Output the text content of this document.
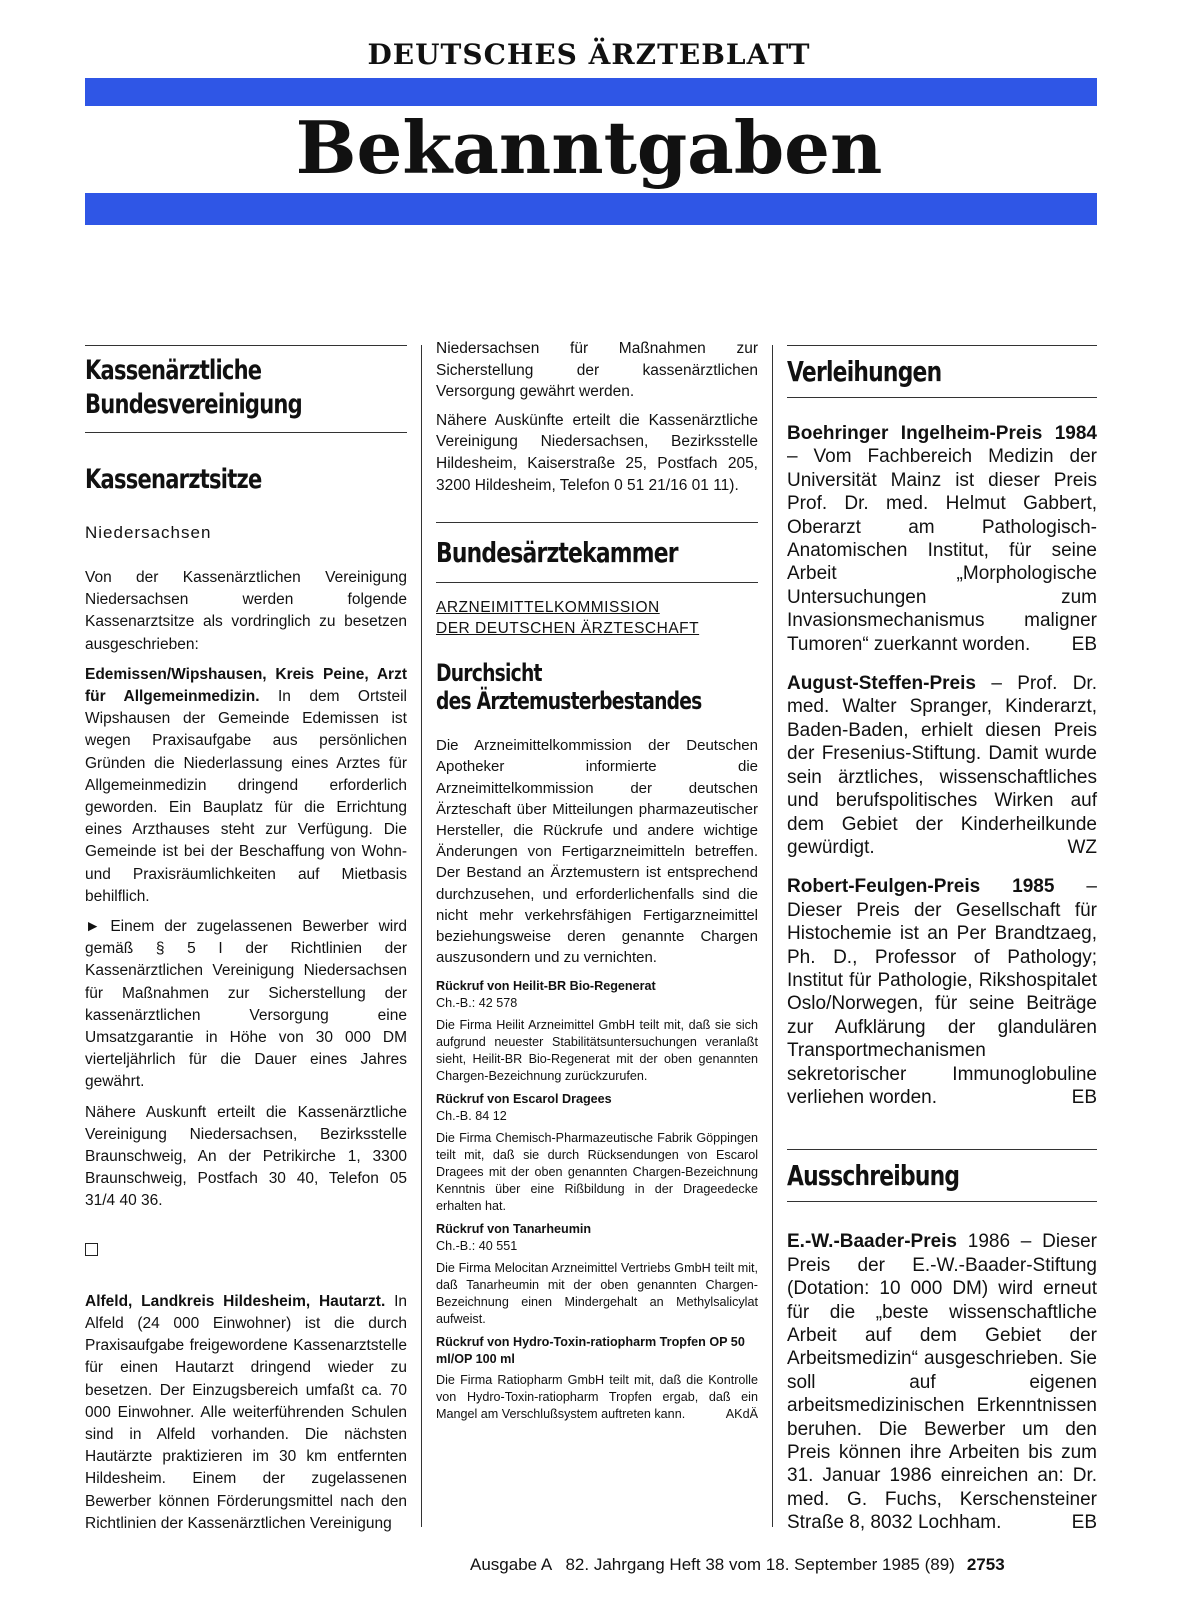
DEUTSCHES ÄRZTEBLATT
Bekanntgaben
Kassenärztliche
Bundesvereinigung
Kassenarztsitze

Niedersachsen

Von der Kassenärztlichen Vereinigung Niedersachsen werden folgende Kassenarztsitze als vordringlich zu besetzen ausgeschrieben:

Edemissen/Wipshausen, Kreis Peine, Arzt für Allgemeinmedizin. In dem Ortsteil Wipshausen der Gemeinde Edemissen ist wegen Praxisaufgabe aus persönlichen Gründen die Niederlassung eines Arztes für Allgemeinmedizin dringend erforderlich geworden. Ein Bauplatz für die Errichtung eines Arzthauses steht zur Verfügung. Die Gemeinde ist bei der Beschaffung von Wohn- und Praxisräumlichkeiten auf Mietbasis behilflich.

► Einem der zugelassenen Bewerber wird gemäß § 5 I der Richtlinien der Kassenärztlichen Vereinigung Niedersachsen für Maßnahmen zur Sicherstellung der kassenärztlichen Versorgung eine Umsatzgarantie in Höhe von 30 000 DM vierteljährlich für die Dauer eines Jahres gewährt.

Nähere Auskunft erteilt die Kassenärztliche Vereinigung Niedersachsen, Bezirksstelle Braunschweig, An der Petrikirche 1, 3300 Braunschweig, Postfach 30 40, Telefon 05 31/4 40 36.

Alfeld, Landkreis Hildesheim, Hautarzt. In Alfeld (24 000 Einwohner) ist die durch Praxisaufgabe freigewordene Kassenarztstelle für einen Hautarzt dringend wieder zu besetzen. Der Einzugsbereich umfaßt ca. 70 000 Einwohner. Alle weiterführenden Schulen sind in Alfeld vorhanden. Die nächsten Hautärzte praktizieren im 30 km entfernten Hildesheim. Einem der zugelassenen Bewerber können Förderungsmittel nach den Richtlinien der Kassenärztlichen Vereinigung

Niedersachsen für Maßnahmen zur Sicherstellung der kassenärztlichen Versorgung gewährt werden.

Nähere Auskünfte erteilt die Kassenärztliche Vereinigung Niedersachsen, Bezirksstelle Hildesheim, Kaiserstraße 25, Postfach 205, 3200 Hildesheim, Telefon 0 51 21/16 01 11).

Bundesärztekammer
ARZNEIMITTELKOMMISSION
DER DEUTSCHEN ÄRZTESCHAFT
Durchsicht
des Ärztemusterbestandes

Die Arzneimittelkommission der Deutschen Apotheker informierte die Arzneimittelkommission der deutschen Ärzteschaft über Mitteilungen pharmazeutischer Hersteller, die Rückrufe und andere wichtige Änderungen von Fertigarzneimitteln betreffen. Der Bestand an Ärztemustern ist entsprechend durchzusehen, und erforderlichenfalls sind die nicht mehr verkehrsfähigen Fertigarzneimittel beziehungsweise deren genannte Chargen auszusondern und zu vernichten.

Rückruf von Heilit-BR Bio-Regenerat
Ch.-B.: 42 578

Die Firma Heilit Arzneimittel GmbH teilt mit, daß sie sich aufgrund neuester Stabilitätsuntersuchungen veranlaßt sieht, Heilit-BR Bio-Regenerat mit der oben genannten Chargen-Bezeichnung zurückzurufen.

Rückruf von Escarol Dragees
Ch.-B. 84 12

Die Firma Chemisch-Pharmazeutische Fabrik Göppingen teilt mit, daß sie durch Rücksendungen von Escarol Dragees mit der oben genannten Chargen-Bezeichnung Kenntnis über eine Rißbildung in der Drageedecke erhalten hat.

Rückruf von Tanarheumin
Ch.-B.: 40 551

Die Firma Melocitan Arzneimittel Vertriebs GmbH teilt mit, daß Tanarheumin mit der oben genannten Chargen-Bezeichnung einen Mindergehalt an Methylsalicylat aufweist.

Rückruf von Hydro-Toxin-ratiopharm Tropfen OP 50 ml/OP 100 ml

Die Firma Ratiopharm GmbH teilt mit, daß die Kontrolle von Hydro-Toxin-ratiopharm Tropfen ergab, daß ein Mangel am Verschlußsystem auftreten kann.	AKdÄ

Verleihungen

Boehringer Ingelheim-Preis 1984 – Vom Fachbereich Medizin der Universität Mainz ist dieser Preis Prof. Dr. med. Helmut Gabbert, Oberarzt am Pathologisch-Anatomischen Institut, für seine Arbeit „Morphologische Untersuchungen zum Invasionsmechanismus maligner Tumoren“ zuerkannt worden. EB

August-Steffen-Preis – Prof. Dr. med. Walter Spranger, Kinderarzt, Baden-Baden, erhielt diesen Preis der Fresenius-Stiftung. Damit wurde sein ärztliches, wissenschaftliches und berufspolitisches Wirken auf dem Gebiet der Kinderheilkunde gewürdigt.	WZ

Robert-Feulgen-Preis 1985 – Dieser Preis der Gesellschaft für Histochemie ist an Per Brandtzaeg, Ph. D., Professor of Pathology; Institut für Pathologie, Rikshospitalet Oslo/Norwegen, für seine Beiträge zur Aufklärung der glandulären Transportmechanismen sekretorischer Immunoglobuline verliehen worden.	EB

Ausschreibung

E.-W.-Baader-Preis 1986 – Dieser Preis der E.-W.-Baader-Stiftung (Dotation: 10 000 DM) wird erneut für die „beste wissenschaftliche Arbeit auf dem Gebiet der Arbeitsmedizin“ ausgeschrieben. Sie soll auf eigenen arbeitsmedizinischen Erkenntnissen beruhen. Die Bewerber um den Preis können ihre Arbeiten bis zum 31. Januar 1986 einreichen an: Dr. med. G. Fuchs, Kerschensteiner Straße 8, 8032 Lochham.	EB

Ausgabe A   82. Jahrgang Heft 38 vom 18. September 1985 (89) 2753
